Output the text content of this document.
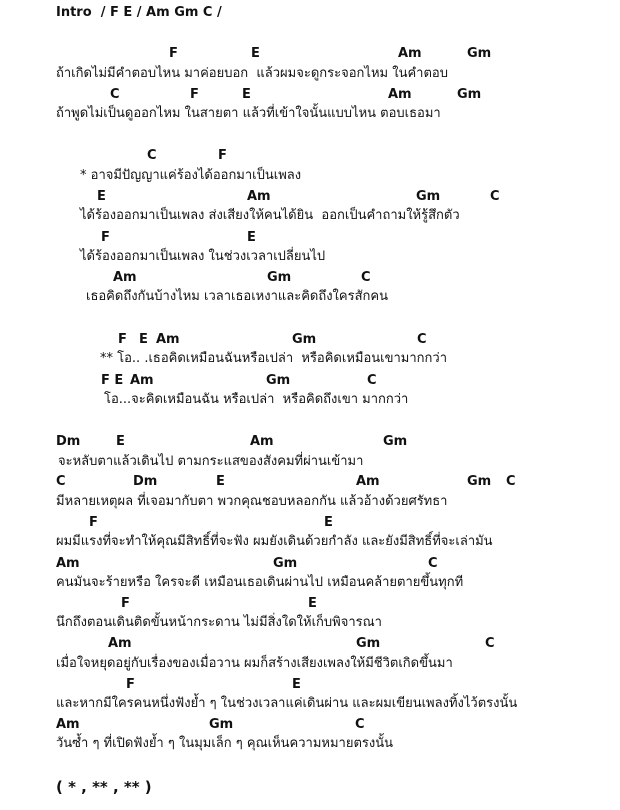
Intro  / F E / Am Gm C /

F

	E

	Am

	Gm

ถ้าเกิดไม่มีคำตอบไหน มาค่อยบอก  แล้วผมจะดูกระจอกไหม ในคำตอบ

C

	F

	E

	Am

	Gm

ถ้าพูดไม่เป็นดูออกไหม ในสายตา แล้วที่เข้าใจนั้นแบบไหน ตอบเธอมา

C

	F

* อาจมีปัญญาแค่ร้องได้ออกมาเป็นเพลง

E

	Am

	Gm

	C

ได้ร้องออกมาเป็นเพลง ส่งเสียงให้คนได้ยิน  ออกเป็นคำถามให้รู้สึกตัว

F

	E

ได้ร้องออกมาเป็นเพลง ในช่วงเวลาเปลี่ยนไป

Am

	Gm

	C

เธอคิดถึงกันบ้างไหม เวลาเธอเหงาและคิดถึงใครสักคน

F

E

Am

	Gm

	C

** โอ.. .เธอคิดเหมือนฉันหรือเปล่า  หรือคิดเหมือนเขามากกว่า

F E

Am

	Gm

	C

โอ...จะคิดเหมือนฉัน หรือเปล่า  หรือคิดถึงเขา มากกว่า

Dm

	E

	Am

	Gm

จะหลับตาแล้วเดินไป ตามกระแสของสังคมที่ผ่านเข้ามา

C

	Dm

	E

	Am

	Gm

C

มีหลายเหตุผล ที่เจอมากับตา พวกคุณชอบหลอกกัน แล้วอ้างด้วยศรัทธา

F

	E

ผมมีแรงที่จะทำให้คุณมีสิทธิ์ที่จะฟัง ผมยังเดินด้วยกำลัง และยังมีสิทธิ์ที่จะเล่ามัน

Am

	Gm

	C

คนมันจะร้ายหรือ ใครจะดี เหมือนเธอเดินผ่านไป เหมือนคล้ายตายขึ้นทุกที

F

	E

นึกถึงตอนเดินติดขั้นหน้ากระดาน ไม่มีสิ่งใดให้เก็บพิจารณา

Am

	Gm

	C

เมื่อใจหยุดอยู่กับเรื่องของเมื่อวาน ผมก็สร้างเสียงเพลงให้มีชีวิตเกิดขึ้นมา

F

	E

และหากมีใครคนหนึ่งฟังย้ำ ๆ ในช่วงเวลาแค่เดินผ่าน และผมเขียนเพลงทิ้งไว้ตรงนั้น

Am

	Gm

	C

วันซ้ำ ๆ ที่เปิดฟังย้ำ ๆ ในมุมเล็ก ๆ คุณเห็นความหมายตรงนั้น
( * , ** , ** )
